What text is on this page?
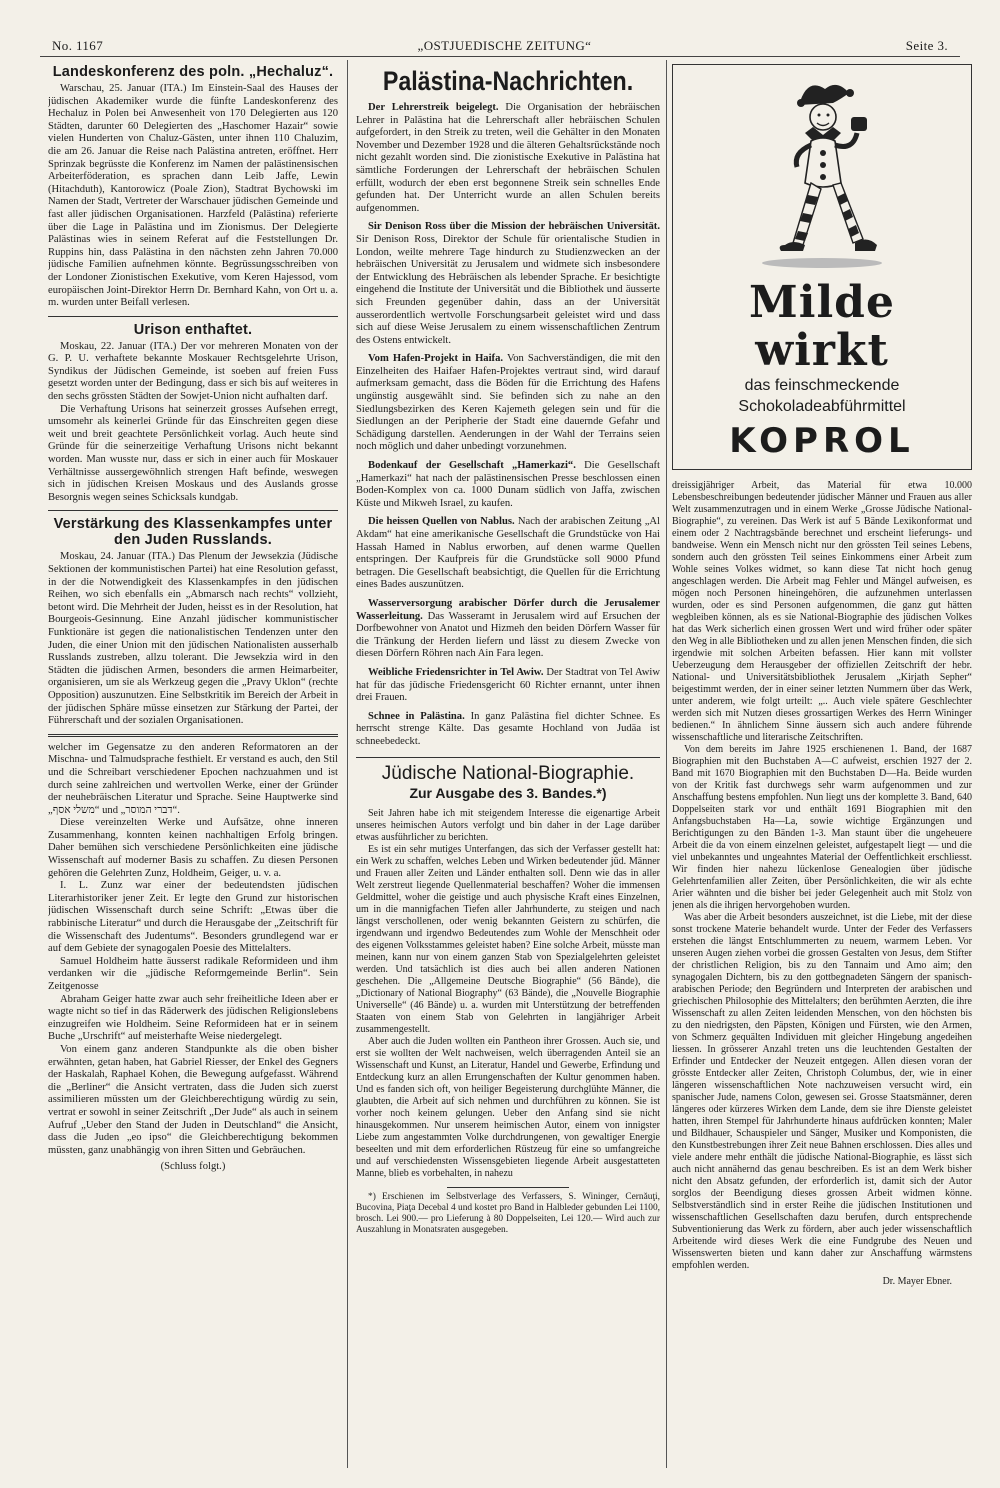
No. 1167	„OSTJUEDISCHE ZEITUNG“	Seite 3.
Landeskonferenz des poln. „Hechaluz“.

Warschau, 25. Januar (ITA.) Im Einstein-Saal des Hauses der jüdischen Akademiker wurde die fünfte Landeskonferenz des Hechaluz in Polen bei Anwesenheit von 170 Delegierten aus 120 Städten, darunter 60 Delegierten des „Haschomer Hazair“ sowie vielen Hunderten von Chaluz-Gästen, unter ihnen 110 Chaluzim, die am 26. Januar die Reise nach Palästina antreten, eröffnet. Herr Sprinzak begrüsste die Konferenz im Namen der palästinensischen Arbeiterföderation, es sprachen dann Leib Jaffe, Lewin (Hitachduth), Kantorowicz (Poale Zion), Stadtrat Bychowski im Namen der Stadt, Vertreter der Warschauer jüdischen Gemeinde und fast aller jüdischen Organisationen. Harzfeld (Palästina) referierte über die Lage in Palästina und im Zionismus. Der Delegierte Palästinas wies in seinem Referat auf die Feststellungen Dr. Ruppins hin, dass Palästina in den nächsten zehn Jahren 70.000 jüdische Familien aufnehmen könnte. Begrüssungsschreiben von der Londoner Zionistischen Exekutive, vom Keren Hajessod, vom europäischen Joint-Direktor Herrn Dr. Bernhard Kahn, von Ort u. a. m. wurden unter Beifall verlesen.

Urison enthaftet.

Moskau, 22. Januar (ITA.) Der vor mehreren Monaten von der G. P. U. verhaftete bekannte Moskauer Rechtsgelehrte Urison, Syndikus der Jüdischen Gemeinde, ist soeben auf freien Fuss gesetzt worden unter der Bedingung, dass er sich bis auf weiteres in den sechs grössten Städten der Sowjet-Union nicht aufhalten darf.

Die Verhaftung Urisons hat seinerzeit grosses Aufsehen erregt, umsomehr als keinerlei Gründe für das Einschreiten gegen diese weit und breit geachtete Persönlichkeit vorlag. Auch heute sind Gründe für die seinerzeitige Verhaftung Urisons nicht bekannt worden. Man wusste nur, dass er sich in einer auch für Moskauer Verhältnisse aussergewöhnlich strengen Haft befinde, weswegen sich in jüdischen Kreisen Moskaus und des Auslands grosse Besorgnis wegen seines Schicksals kundgab.

Verstärkung des Klassenkampfes unter den Juden Russlands.

Moskau, 24. Januar (ITA.) Das Plenum der Jewsekzia (Jüdische Sektionen der kommunistischen Partei) hat eine Resolution gefasst, in der die Notwendigkeit des Klassenkampfes in den jüdischen Reihen, wo sich ebenfalls ein „Abmarsch nach rechts“ vollzieht, betont wird. Die Mehrheit der Juden, heisst es in der Resolution, hat Bourgeois-Gesinnung. Eine Anzahl jüdischer kommunistischer Funktionäre ist gegen die nationalistischen Tendenzen unter den Juden, die einer Union mit den jüdischen Nationalisten ausserhalb Russlands zustreben, allzu tolerant. Die Jewsekzia wird in den Städten die jüdischen Armen, besonders die armen Heimarbeiter, organisieren, um sie als Werkzeug gegen die „Pravy Uklon“ (rechte Opposition) auszunutzen. Eine Selbstkritik im Bereich der Arbeit in der jüdischen Sphäre müsse einsetzen zur Stärkung der Partei, der Führerschaft und der sozialen Organisationen.

welcher im Gegensatze zu den anderen Reformatoren an der Mischna- und Talmudsprache festhielt. Er verstand es auch, den Stil und die Schreibart verschiedener Epochen nachzuahmen und ist durch seine zahlreichen und wertvollen Werke, einer der Gründer der neuhebräischen Literatur und Sprache. Seine Hauptwerke sind „משלי אסף“ und „דברי המוסר“.

Diese vereinzelten Werke und Aufsätze, ohne inneren Zusammenhang, konnten keinen nachhaltigen Erfolg bringen. Daher bemühen sich verschiedene Persönlichkeiten eine jüdische Wissenschaft auf moderner Basis zu schaffen. Zu diesen Personen gehören die Gelehrten Zunz, Holdheim, Geiger, u. v. a.

I. L. Zunz war einer der bedeutendsten jüdischen Literarhistoriker jener Zeit. Er legte den Grund zur historischen jüdischen Wissenschaft durch seine Schrift: „Etwas über die rabbinische Literatur“ und durch die Herausgabe der „Zeitschrift für die Wissenschaft des Judentums“. Besonders grundlegend war er auf dem Gebiete der synagogalen Poesie des Mittelalters.

Samuel Holdheim hatte äusserst radikale Reformideen und ihm verdanken wir die „jüdische Reformgemeinde Berlin“. Sein Zeitgenosse

Abraham Geiger hatte zwar auch sehr freiheitliche Ideen aber er wagte nicht so tief in das Räderwerk des jüdischen Religionslebens einzugreifen wie Holdheim. Seine Reformideen hat er in seinem Buche „Urschrift“ auf meisterhafte Weise niedergelegt.

Von einem ganz anderen Standpunkte als die oben bisher erwähnten, getan haben, hat Gabriel Riesser, der Enkel des Gegners der Haskalah, Raphael Kohen, die Bewegung aufgefasst. Während die „Berliner“ die Ansicht vertraten, dass die Juden sich zuerst assimilieren müssten um der Gleichberechtigung würdig zu sein, vertrat er sowohl in seiner Zeitschrift „Der Jude“ als auch in seinem Aufruf „Ueber den Stand der Juden in Deutschland“ die Ansicht, dass die Juden „eo ipso“ die Gleichberechtigung bekommen müssten, ganz unabhängig von ihren Sitten und Gebräuchen.

(Schluss folgt.)

Palästina-Nachrichten.

Der Lehrerstreik beigelegt. Die Organisation der hebräischen Lehrer in Palästina hat die Lehrerschaft aller hebräischen Schulen aufgefordert, in den Streik zu treten, weil die Gehälter in den Monaten November und Dezember 1928 und die älteren Gehaltsrückstände noch nicht gezahlt worden sind. Die zionistische Exekutive in Palästina hat sämtliche Forderungen der Lehrerschaft der hebräischen Schulen erfüllt, wodurch der eben erst begonnene Streik sein schnelles Ende gefunden hat. Der Unterricht wurde an allen Schulen bereits aufgenommen.

Sir Denison Ross über die Mission der hebräischen Universität. Sir Denison Ross, Direktor der Schule für orientalische Studien in London, weilte mehrere Tage hindurch zu Studienzwecken an der hebräischen Universität zu Jerusalem und widmete sich insbesondere der Entwicklung des Hebräischen als lebender Sprache. Er besichtigte eingehend die Institute der Universität und die Bibliothek und äusserte sich Freunden gegenüber dahin, dass an der Universität ausserordentlich wertvolle Forschungsarbeit geleistet wird und dass sich auf diese Weise Jerusalem zu einem wissenschaftlichen Zentrum des Ostens entwickelt.

Vom Hafen-Projekt in Haifa. Von Sachverständigen, die mit den Einzelheiten des Haifaer Hafen-Projektes vertraut sind, wird darauf aufmerksam gemacht, dass die Böden für die Errichtung des Hafens ungünstig ausgewählt sind. Sie befinden sich zu nahe an den Siedlungsbezirken des Keren Kajemeth gelegen sein und für die Siedlungen an der Peripherie der Stadt eine dauernde Gefahr und Schädigung darstellen. Aenderungen in der Wahl der Terrains seien noch möglich und daher unbedingt vorzunehmen.

Bodenkauf der Gesellschaft „Hamerkazi“. Die Gesellschaft „Hamerkazi“ hat nach der palästinensischen Presse beschlossen einen Boden-Komplex von ca. 1000 Dunam südlich von Jaffa, zwischen Küste und Mikweh Israel, zu kaufen.

Die heissen Quellen von Nablus. Nach der arabischen Zeitung „Al Akdam“ hat eine amerikanische Gesellschaft die Grundstücke von Hai Hassah Hamed in Nablus erworben, auf denen warme Quellen entspringen. Der Kaufpreis für die Grundstücke soll 9000 Pfund betragen. Die Gesellschaft beabsichtigt, die Quellen für die Errichtung eines Bades auszunützen.

Wasserversorgung arabischer Dörfer durch die Jerusalemer Wasserleitung. Das Wasseramt in Jerusalem wird auf Ersuchen der Dorfbewohner von Anatot und Hizmeh den beiden Dörfern Wasser für die Tränkung der Herden liefern und lässt zu diesem Zwecke von diesen Dörfern Röhren nach Ain Fara legen.

Weibliche Friedensrichter in Tel Awiw. Der Stadtrat von Tel Awiw hat für das jüdische Friedensgericht 60 Richter ernannt, unter ihnen drei Frauen.

Schnee in Palästina. In ganz Palästina fiel dichter Schnee. Es herrscht strenge Kälte. Das gesamte Hochland von Judäa ist schneebedeckt.

Jüdische National-Biographie.
Zur Ausgabe des 3. Bandes.*)

Seit Jahren habe ich mit steigendem Interesse die eigenartige Arbeit unseres heimischen Autors verfolgt und bin daher in der Lage darüber etwas ausführlicher zu berichten.

Es ist ein sehr mutiges Unterfangen, das sich der Verfasser gestellt hat: ein Werk zu schaffen, welches Leben und Wirken bedeutender jüd. Männer und Frauen aller Zeiten und Länder enthalten soll. Denn wie das in aller Welt zerstreut liegende Quellenmaterial beschaffen? Woher die immensen Geldmittel, woher die geistige und auch physische Kraft eines Einzelnen, um in die mannigfachen Tiefen aller Jahrhunderte, zu steigen und nach längst verschollenen, oder wenig bekannten Geistern zu schürfen, die irgendwann und irgendwo Bedeutendes zum Wohle der Menschheit oder des eigenen Volksstammes geleistet haben? Eine solche Arbeit, müsste man meinen, kann nur von einem ganzen Stab von Spezialgelehrten geleistet werden. Und tatsächlich ist dies auch bei allen anderen Nationen geschehen. Die „Allgemeine Deutsche Biographie“ (56 Bände), die „Dictionary of National Biography“ (63 Bände), die „Nouvelle Biographie Universelle“ (46 Bände) u. a. wurden mit Unterstützung der betreffenden Staaten von einem Stab von Gelehrten in langjähriger Arbeit zusammengestellt.

Aber auch die Juden wollten ein Pantheon ihrer Grossen. Auch sie, und erst sie wollten der Welt nachweisen, welch überragenden Anteil sie an Wissenschaft und Kunst, an Literatur, Handel und Gewerbe, Erfindung und Entdeckung kurz an allen Errungenschaften der Kultur genommen haben. Und es fanden sich oft, von heiliger Begeisterung durchglühte Männer, die glaubten, die Arbeit auf sich nehmen und durchführen zu können. Sie ist vorher noch keinem gelungen. Ueber den Anfang sind sie nicht hinausgekommen. Nur unserem heimischen Autor, einem von innigster Liebe zum angestammten Volke durchdrungenen, von gewaltiger Energie beseelten und mit dem erforderlichen Rüstzeug für eine so umfangreiche und auf verschiedensten Wissensgebieten liegende Arbeit ausgestatteten Manne, blieb es vorbehalten, in nahezu

*) Erschienen im Selbstverlage des Verfassers, S. Wininger, Cernăuţi, Bucovina, Piaţa Decebal 4 und kostet pro Band in Halbleder gebunden Lei 1100, brosch. Lei 900.— pro Lieferung à 80 Doppelseiten, Lei 120.— Wird auch zur Auszahlung in Monatsraten ausgegeben.

Milde wirkt
das feinschmeckende
Schokoladeabführmittel
KOPROL

dreissigjähriger Arbeit, das Material für etwa 10.000 Lebensbeschreibungen bedeutender jüdischer Männer und Frauen aus aller Welt zusammenzutragen und in einem Werke „Grosse Jüdische National-Biographie“, zu vereinen. Das Werk ist auf 5 Bände Lexikonformat und einem oder 2 Nachtragsbände berechnet und erscheint lieferungs- und bandweise. Wenn ein Mensch nicht nur den grössten Teil seines Lebens, sondern auch den grössten Teil seines Einkommens einer Arbeit zum Wohle seines Volkes widmet, so kann diese Tat nicht hoch genug angeschlagen werden. Die Arbeit mag Fehler und Mängel aufweisen, es mögen noch Personen hineingehören, die aufzunehmen unterlassen wurden, oder es sind Personen aufgenommen, die ganz gut hätten wegbleiben können, als es sie National-Biographie des jüdischen Volkes hat das Werk sicherlich einen grossen Wert und wird früher oder später den Weg in alle Bibliotheken und zu allen jenen Menschen finden, die sich irgendwie mit solchen Arbeiten befassen. Hier kann mit vollster Ueberzeugung dem Herausgeber der offiziellen Zeitschrift der hebr. National- und Universitätsbibliothek Jerusalem „Kirjath Sepher“ beigestimmt werden, der in einer seiner letzten Nummern über das Werk, unter anderem, wie folgt urteilt: „.. Auch viele spätere Geschlechter werden sich mit Nutzen dieses grossartigen Werkes des Herrn Wininger bedienen.“ In ähnlichem Sinne äussern sich auch andere führende wissenschaftliche und literarische Zeitschriften.

Von dem bereits im Jahre 1925 erschienenen 1. Band, der 1687 Biographien mit den Buchstaben A—C aufweist, erschien 1927 der 2. Band mit 1670 Biographien mit den Buchstaben D—Ha. Beide wurden von der Kritik fast durchwegs sehr warm aufgenommen und zur Anschaffung bestens empfohlen. Nun liegt uns der komplette 3. Band, 640 Doppelseiten stark vor und enthält 1691 Biographien mit den Anfangsbuchstaben Ha—La, sowie wichtige Ergänzungen und Berichtigungen zu den Bänden 1-3. Man staunt über die ungeheuere Arbeit die da von einem einzelnen geleistet, aufgestapelt liegt — und die viel unbekanntes und ungeahntes Material der Oeffentlichkeit erschliesst. Wir finden hier nahezu lückenlose Genealogien über jüdische Gelehrtenfamilien aller Zeiten, über Persönlichkeiten, die wir als echte Arier wähnten und die bisher bei jeder Gelegenheit auch mit Stolz von jenen als die ihrigen hervorgehoben wurden.

Was aber die Arbeit besonders auszeichnet, ist die Liebe, mit der diese sonst trockene Materie behandelt wurde. Unter der Feder des Verfassers erstehen die längst Entschlummerten zu neuem, warmem Leben. Vor unseren Augen ziehen vorbei die grossen Gestalten von Jesus, dem Stifter der christlichen Religion, bis zu den Tannaim und Amo aim; den synagogalen Dichtern, bis zu den gottbegnadeten Sängern der spanisch-arabischen Periode; den Begründern und Interpreten der arabischen und griechischen Philosophie des Mittelalters; den berühmten Aerzten, die ihre Wissenschaft zu allen Zeiten leidenden Menschen, von den höchsten bis zu den niedrigsten, den Päpsten, Königen und Fürsten, wie den Armen, von Schmerz gequälten Individuen mit gleicher Hingebung angedeihen liessen. In grösserer Anzahl treten uns die leuchtenden Gestalten der Erfinder und Entdecker der Neuzeit entgegen. Allen diesen voran der grösste Entdecker aller Zeiten, Christoph Columbus, der, wie in einer längeren wissenschaftlichen Note nachzuweisen versucht wird, ein spanischer Jude, namens Colon, gewesen sei. Grosse Staatsmänner, deren längeres oder kürzeres Wirken dem Lande, dem sie ihre Dienste geleistet hatten, ihren Stempel für Jahrhunderte hinaus aufdrücken konnten; Maler und Bildhauer, Schauspieler und Sänger, Musiker und Komponisten, die den Kunstbestrebungen ihrer Zeit neue Bahnen erschlossen. Dies alles und viele andere mehr enthält die jüdische National-Biographie, es lässt sich auch nicht annähernd das genau beschreiben. Es ist an dem Werk bisher nicht den Absatz gefunden, der erforderlich ist, damit sich der Autor sorglos der Beendigung dieses grossen Arbeit widmen könne. Selbstverständlich sind in erster Reihe die jüdischen Institutionen und wissenschaftlichen Gesellschaften dazu berufen, durch entsprechende Subventionierung das Werk zu fördern, aber auch jeder wissenschaftlich Arbeitende wird dieses Werk die eine Fundgrube des Neuen und Wissenswerten bieten und kann daher zur Anschaffung wärmstens empfohlen werden.

Dr. Mayer Ebner.
